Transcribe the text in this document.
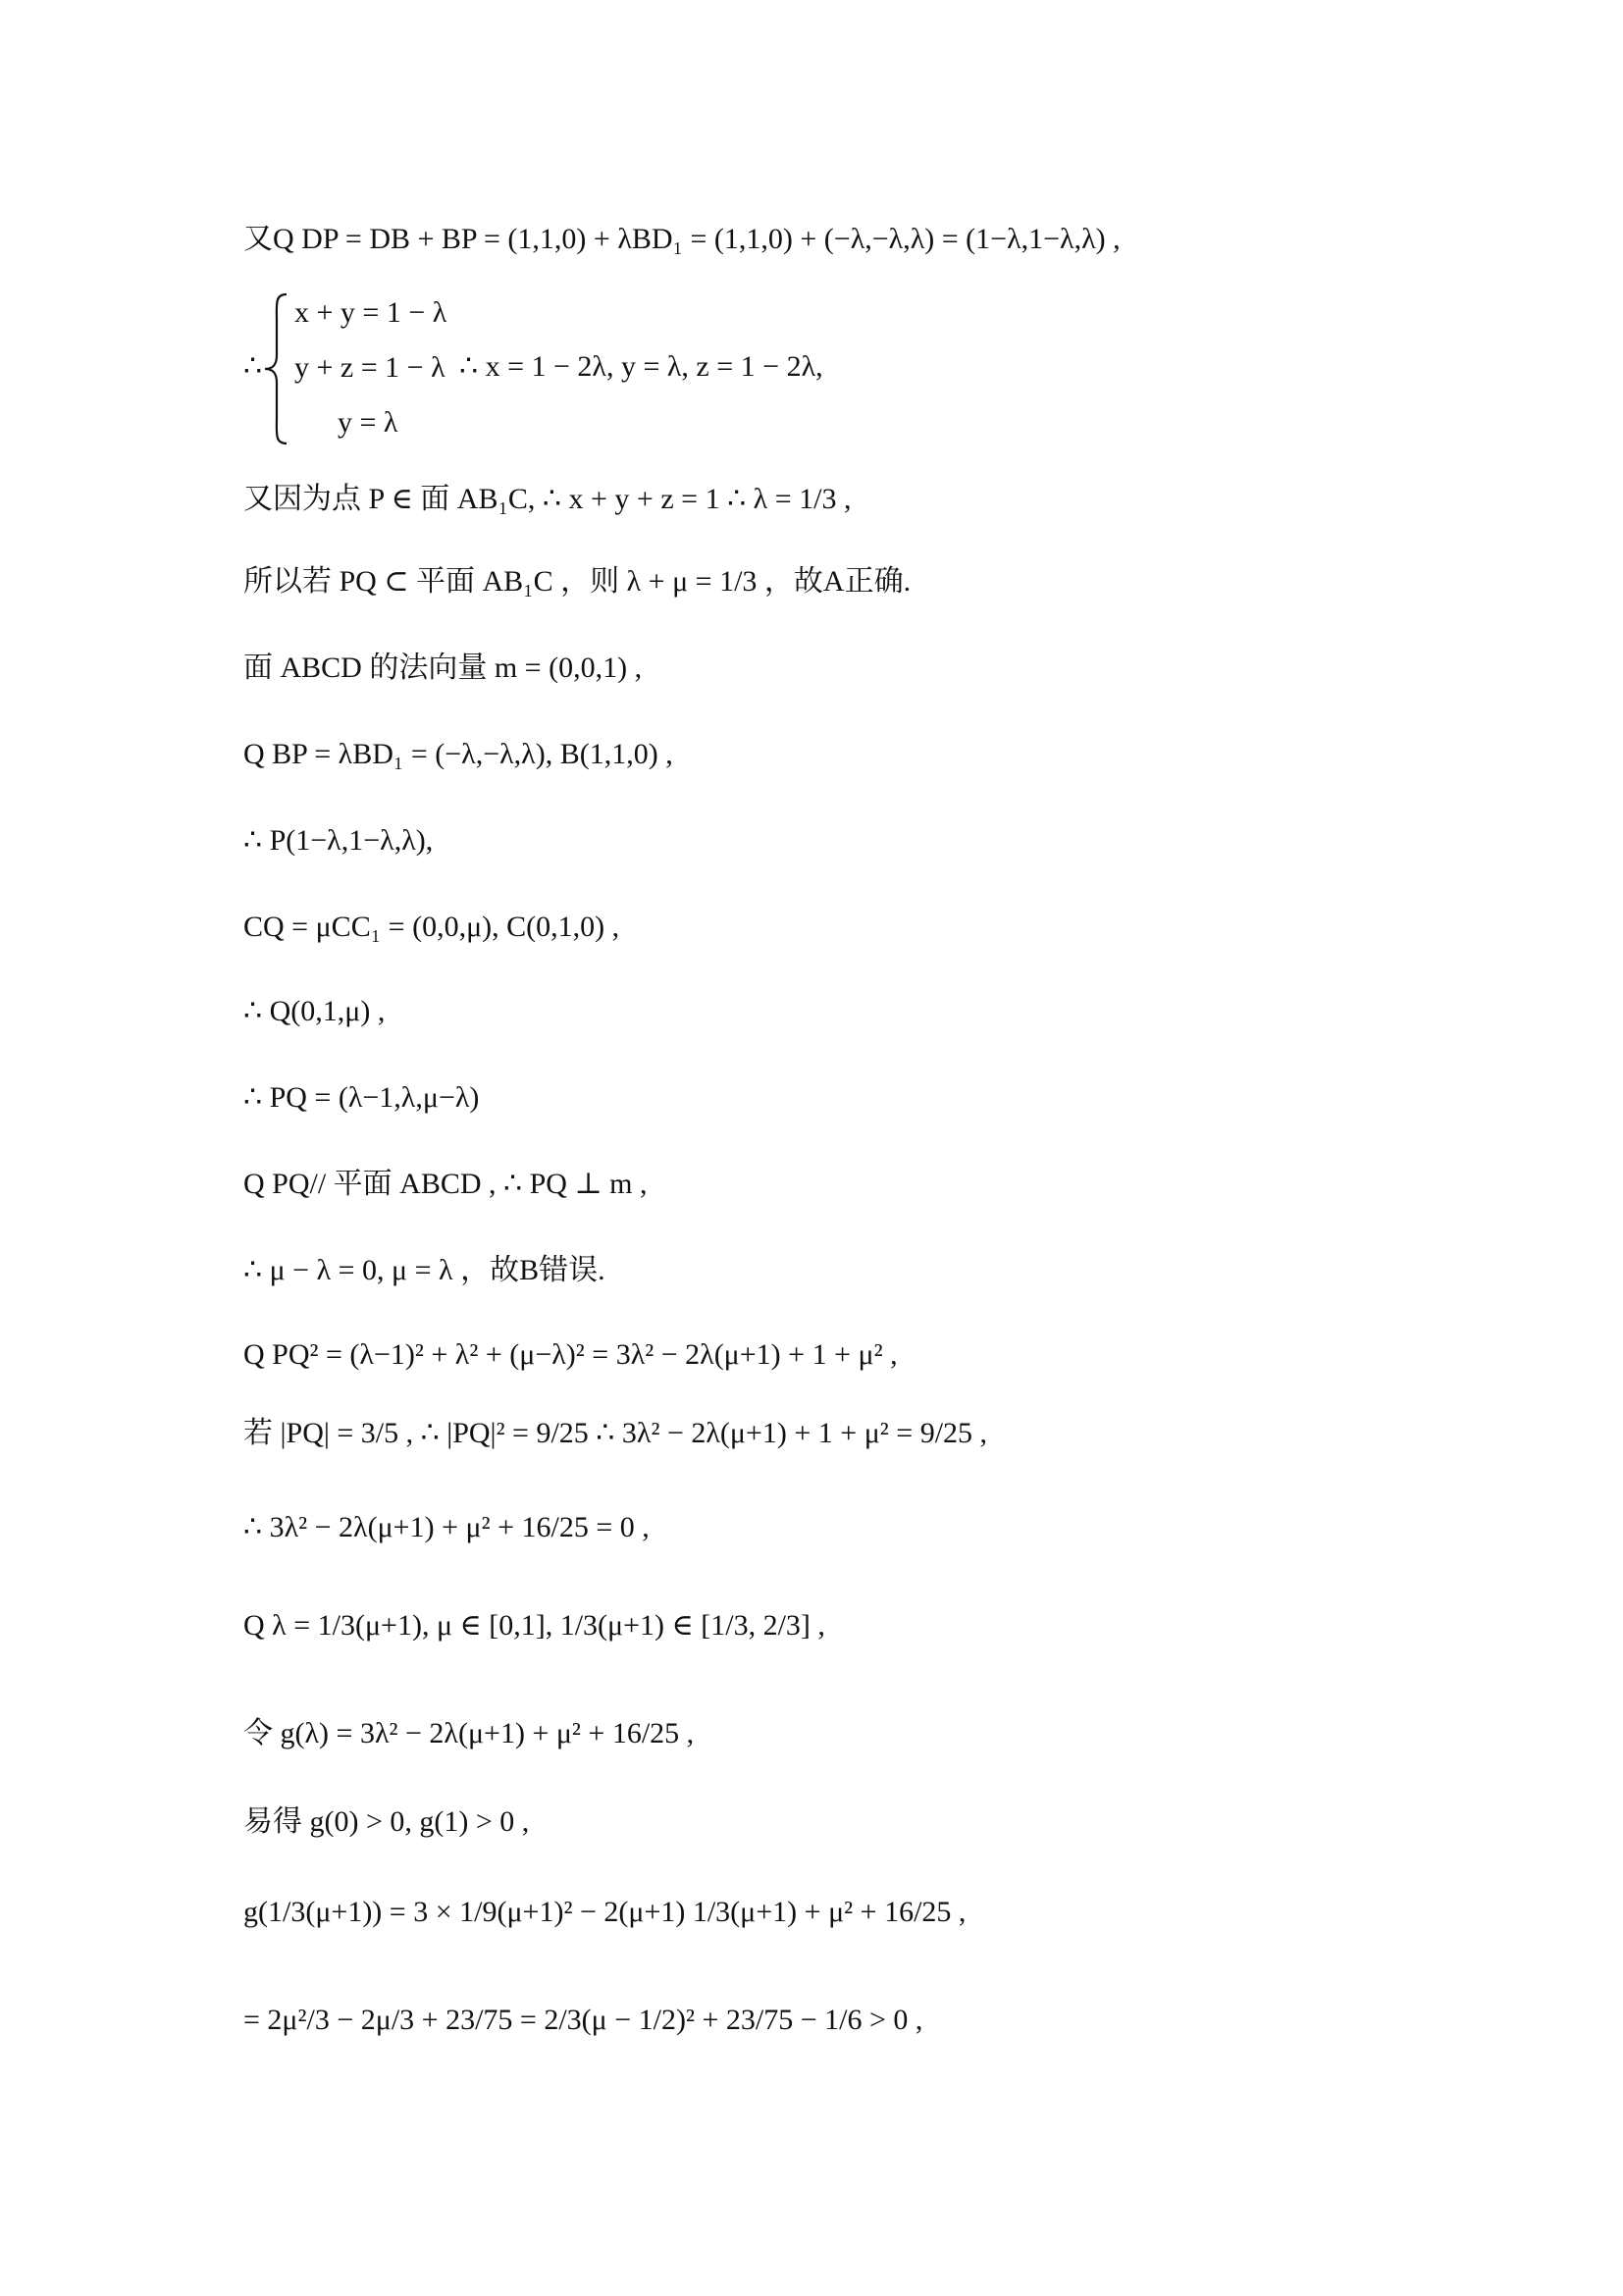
又Q DP = DB + BP = (1,1,0) + λBD₁ = (1,1,0) + (−λ,−λ,λ) = (1−λ,1−λ,λ) ,
∴
x + y = 1 − λ
y + z = 1 − λ
y = λ
∴ x = 1 − 2λ, y = λ, z = 1 − 2λ,
又因为点 P ∈ 面 AB₁C, ∴ x + y + z = 1 ∴ λ = 1/3 ,
所以若 PQ ⊂ 平面 AB₁C ，则 λ + μ = 1/3 ，故A正确.
面 ABCD 的法向量 m = (0,0,1) ,
Q BP = λBD₁ = (−λ,−λ,λ), B(1,1,0) ,
∴ P(1−λ,1−λ,λ),
CQ = μCC₁ = (0,0,μ), C(0,1,0) ,
∴ Q(0,1,μ) ,
∴ PQ = (λ−1,λ,μ−λ)
Q PQ// 平面 ABCD , ∴ PQ ⊥ m ,
∴ μ − λ = 0, μ = λ ，故B错误.
Q PQ² = (λ−1)² + λ² + (μ−λ)² = 3λ² − 2λ(μ+1) + 1 + μ² ,
若 |PQ| = 3/5 , ∴ |PQ|² = 9/25 ∴ 3λ² − 2λ(μ+1) + 1 + μ² = 9/25 ,
∴ 3λ² − 2λ(μ+1) + μ² + 16/25 = 0 ,
Q λ = 1/3(μ+1), μ ∈ [0,1], 1/3(μ+1) ∈ [1/3, 2/3] ,
令 g(λ) = 3λ² − 2λ(μ+1) + μ² + 16/25 ,
易得 g(0) > 0, g(1) > 0 ,
g(1/3(μ+1)) = 3 × 1/9(μ+1)² − 2(μ+1) 1/3(μ+1) + μ² + 16/25 ,
= 2μ²/3 − 2μ/3 + 23/75 = 2/3(μ − 1/2)² + 23/75 − 1/6 > 0 ,
